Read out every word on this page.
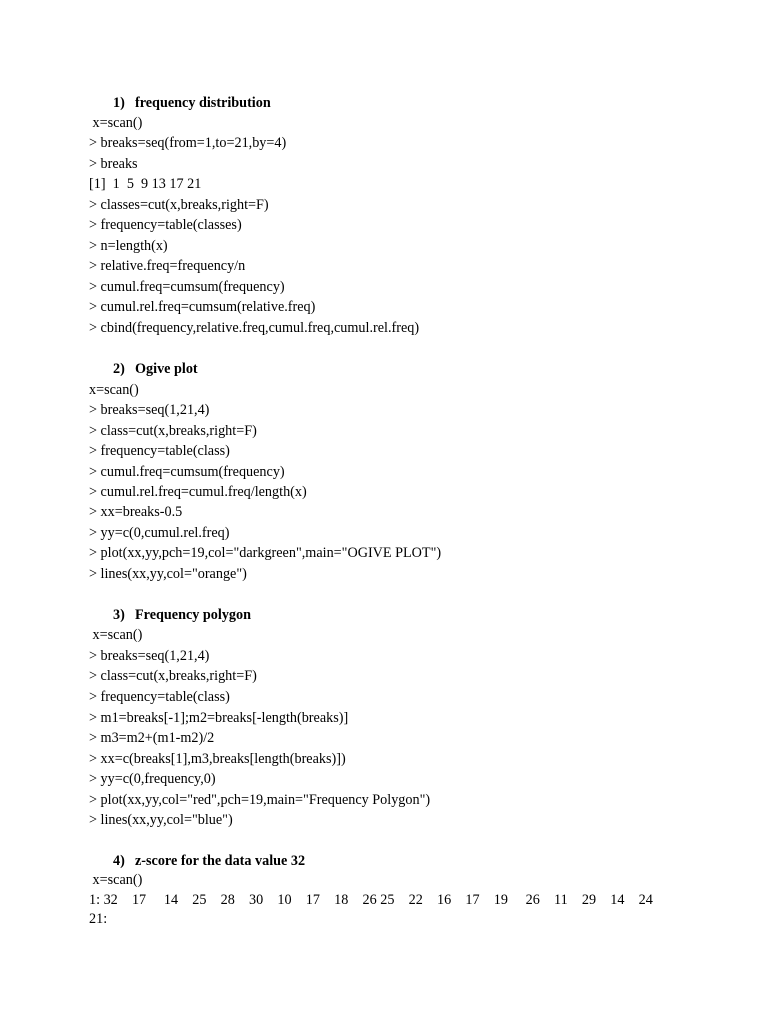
1) frequency distribution
x=scan()
> breaks=seq(from=1,to=21,by=4)
> breaks
[1]  1  5  9 13 17 21
> classes=cut(x,breaks,right=F)
> frequency=table(classes)
> n=length(x)
> relative.freq=frequency/n
> cumul.freq=cumsum(frequency)
> cumul.rel.freq=cumsum(relative.freq)
> cbind(frequency,relative.freq,cumul.freq,cumul.rel.freq)
2) Ogive plot
x=scan()
> breaks=seq(1,21,4)
> class=cut(x,breaks,right=F)
> frequency=table(class)
> cumul.freq=cumsum(frequency)
> cumul.rel.freq=cumul.freq/length(x)
> xx=breaks-0.5
> yy=c(0,cumul.rel.freq)
> plot(xx,yy,pch=19,col="darkgreen",main="OGIVE PLOT")
> lines(xx,yy,col="orange")
3) Frequency polygon
x=scan()
> breaks=seq(1,21,4)
> class=cut(x,breaks,right=F)
> frequency=table(class)
> m1=breaks[-1];m2=breaks[-length(breaks)]
> m3=m2+(m1-m2)/2
> xx=c(breaks[1],m3,breaks[length(breaks)])
> yy=c(0,frequency,0)
> plot(xx,yy,col="red",pch=19,main="Frequency Polygon")
> lines(xx,yy,col="blue")
4) z-score for the data value 32
x=scan()
1: 32    17     14    25    28    30    10    17    18    26 25    22    16    17    19     26    11    29    14    24
21:
